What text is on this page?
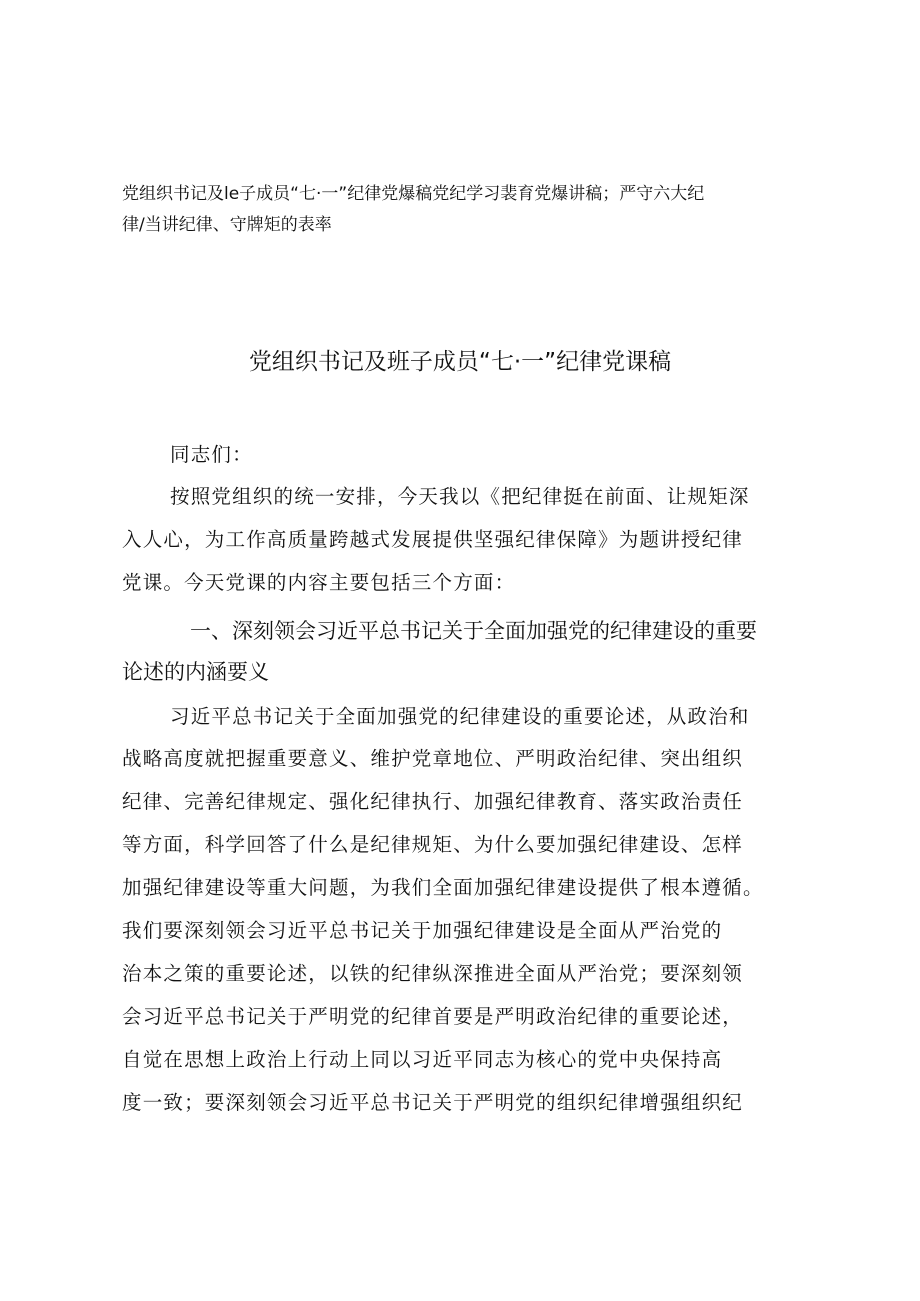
党组织书记及le子成员“七·一”纪律党爆稿党纪学习裴育党爆讲稿；严守六大纪
律/当讲纪律、守牌矩的表率
党组织书记及班子成员“七·一”纪律党课稿
同志们：
按照党组织的统一安排，今天我以《把纪律挺在前面、让规矩深
入人心，为工作高质量跨越式发展提供坚强纪律保障》为题讲授纪律
党课。今天党课的内容主要包括三个方面：
一、深刻领会习近平总书记关于全面加强党的纪律建设的重要
论述的内涵要义
习近平总书记关于全面加强党的纪律建设的重要论述，从政治和
战略高度就把握重要意义、维护党章地位、严明政治纪律、突出组织
纪律、完善纪律规定、强化纪律执行、加强纪律教育、落实政治责任
等方面，科学回答了什么是纪律规矩、为什么要加强纪律建设、怎样
加强纪律建设等重大问题，为我们全面加强纪律建设提供了根本遵循。
我们要深刻领会习近平总书记关于加强纪律建设是全面从严治党的
治本之策的重要论述，以铁的纪律纵深推进全面从严治党；要深刻领
会习近平总书记关于严明党的纪律首要是严明政治纪律的重要论述，
自觉在思想上政治上行动上同以习近平同志为核心的党中央保持高
度一致；要深刻领会习近平总书记关于严明党的组织纪律增强组织纪
